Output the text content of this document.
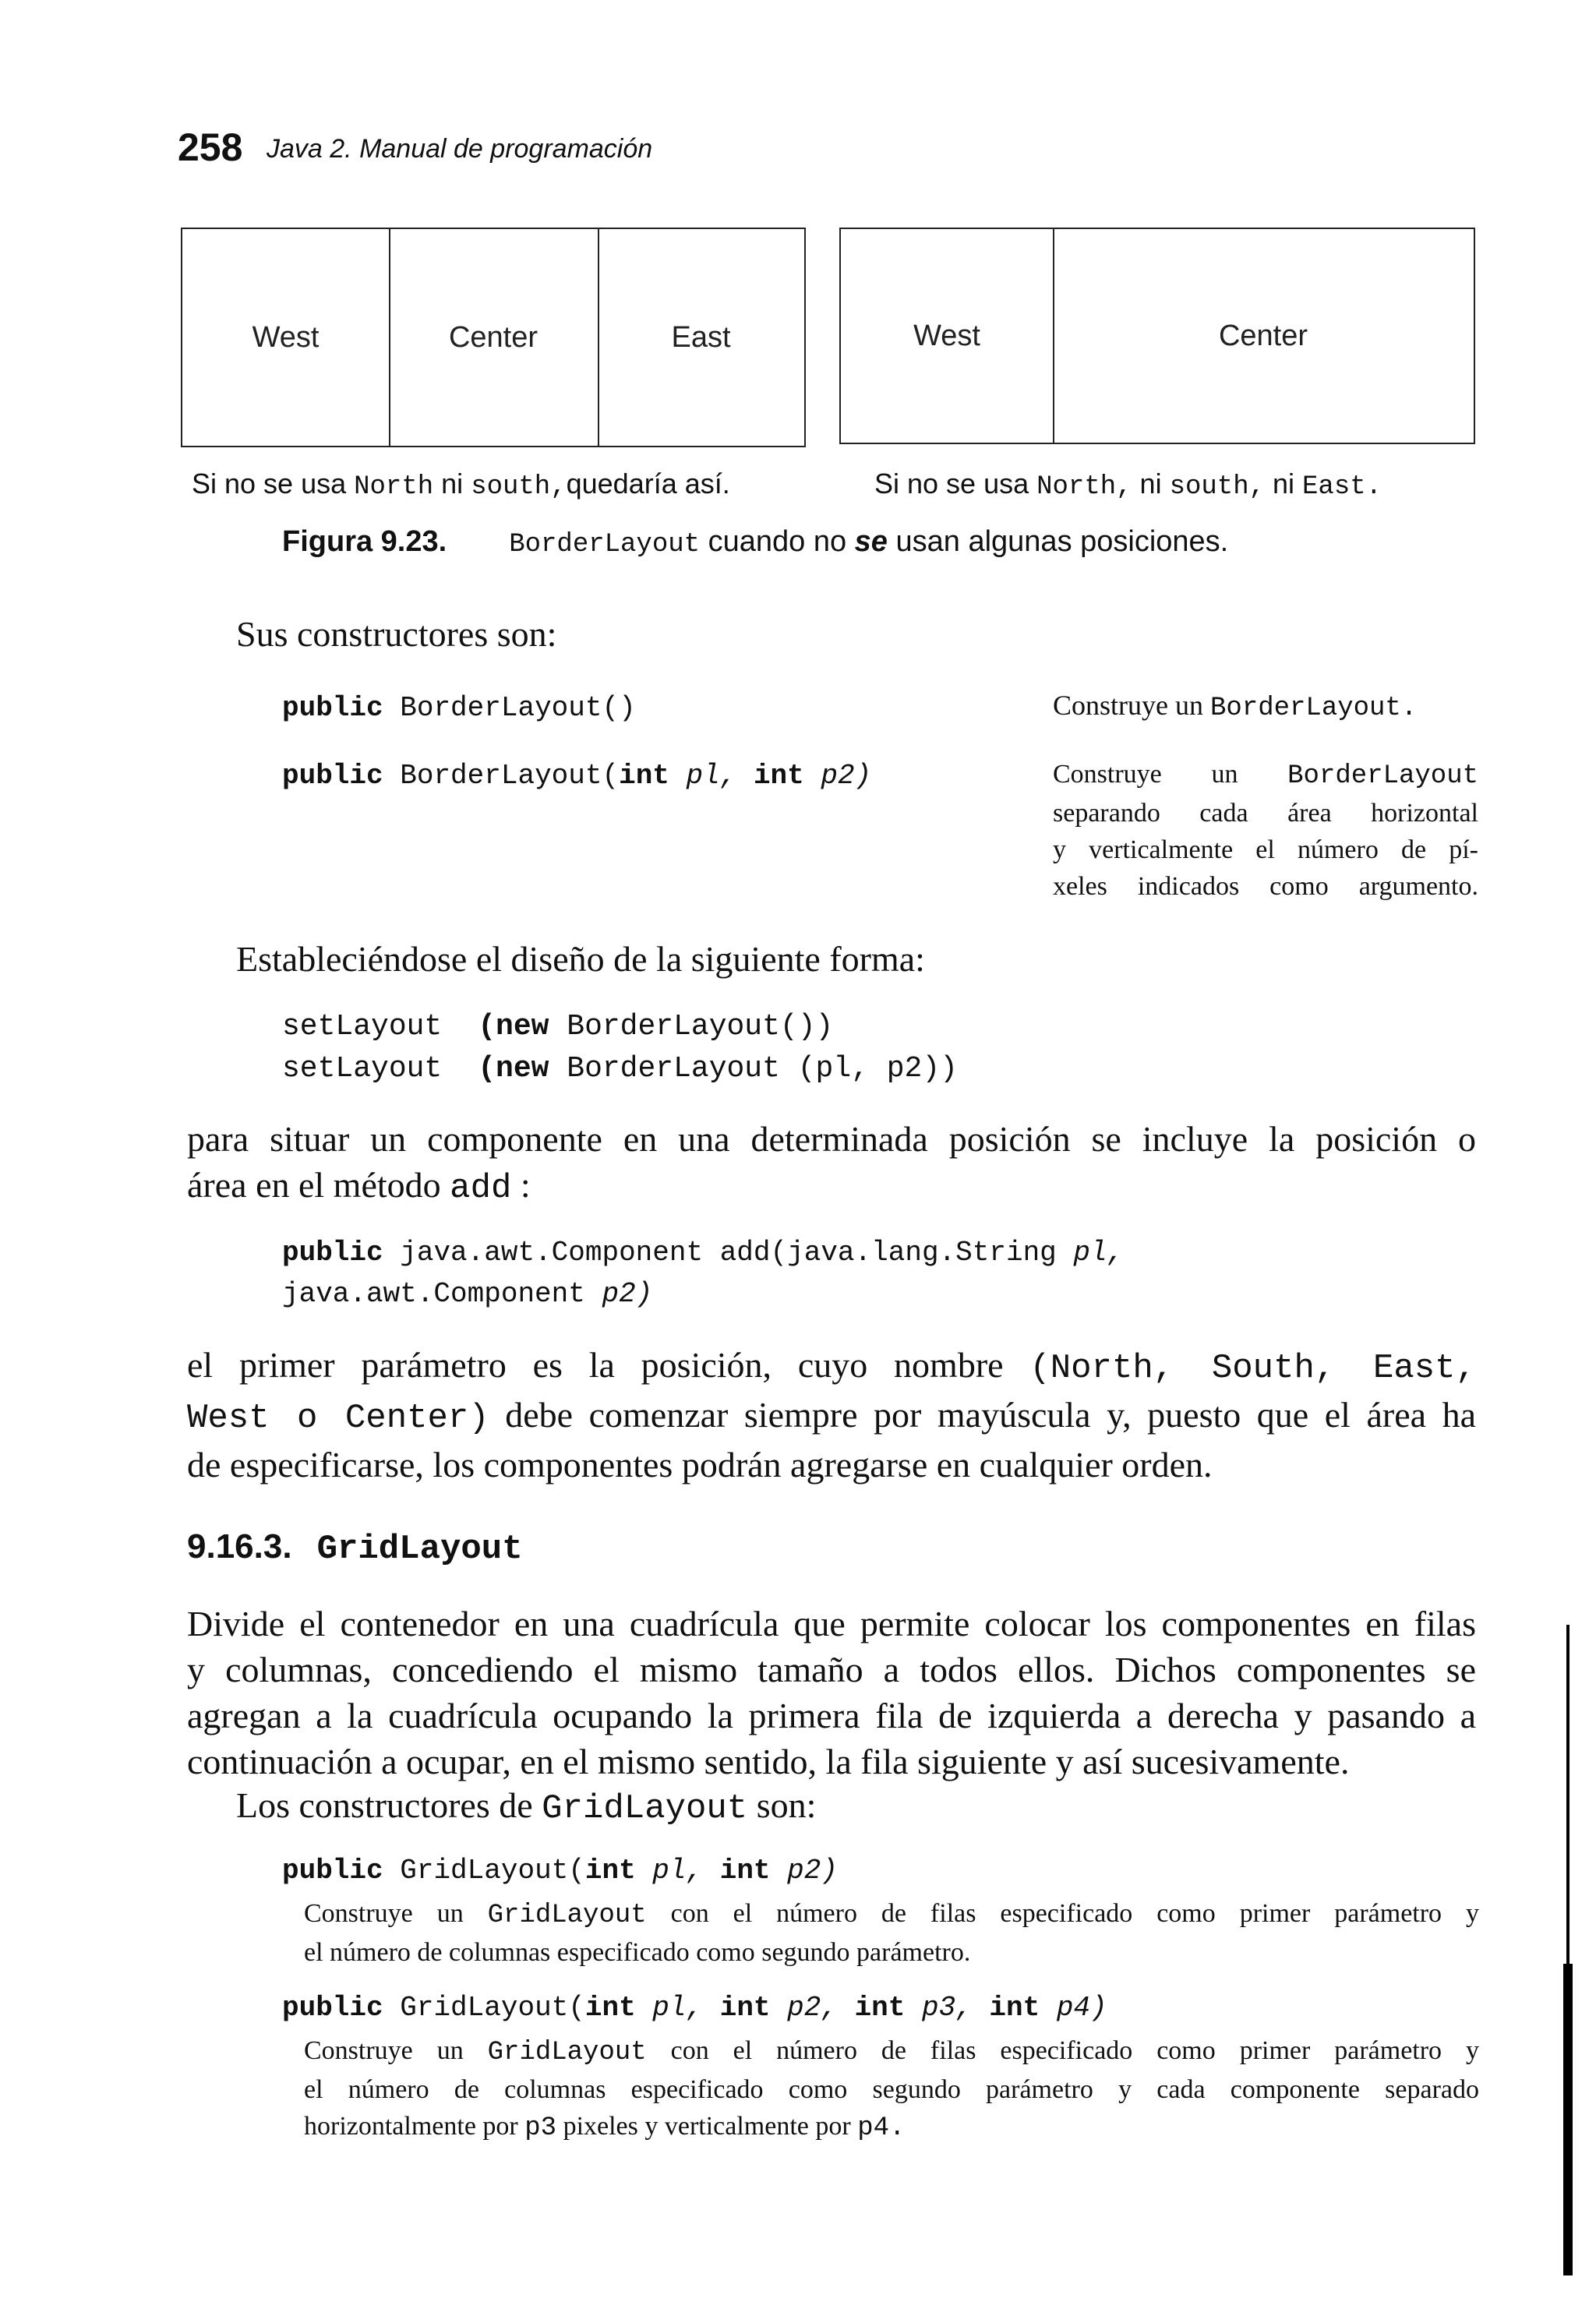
258 Java 2. Manual de programación
West	Center	East	West	Center
Si no se usa North ni south,quedaría así.	Si no se usa North, ni south, ni East.
Figura 9.23. BorderLayout cuando no se usan algunas posiciones.
Sus constructores son:
public BorderLayout()	Construye un BorderLayout.
public BorderLayout(int pl, int p2)	Construye un BorderLayout
separando cada área horizontal
y verticalmente el número de pí-
xeles indicados como argumento.
Estableciéndose el diseño de la siguiente forma:
setLayout (new BorderLayout())
setLayout (new BorderLayout (pl, p2))
para situar un componente en una determinada posición se incluye la posición o
área en el método add :
public java.awt.Component add(java.lang.String pl,
java.awt.Component p2)
el primer parámetro es la posición, cuyo nombre (North, South, East,
West o Center) debe comenzar siempre por mayúscula y, puesto que el área ha
de especificarse, los componentes podrán agregarse en cualquier orden.
9.16.3. GridLayout
Divide el contenedor en una cuadrícula que permite colocar los componentes en filas
y columnas, concediendo el mismo tamaño a todos ellos. Dichos componentes se
agregan a la cuadrícula ocupando la primera fila de izquierda a derecha y pasando a
continuación a ocupar, en el mismo sentido, la fila siguiente y así sucesivamente.
Los constructores de GridLayout son:
public GridLayout(int pl, int p2)
Construye un GridLayout con el número de filas especificado como primer parámetro y
el número de columnas especificado como segundo parámetro.
public GridLayout(int pl, int p2, int p3, int p4)
Construye un GridLayout con el número de filas especificado como primer parámetro y
el número de columnas especificado como segundo parámetro y cada componente separado
horizontalmente por p3 pixeles y verticalmente por p4.
